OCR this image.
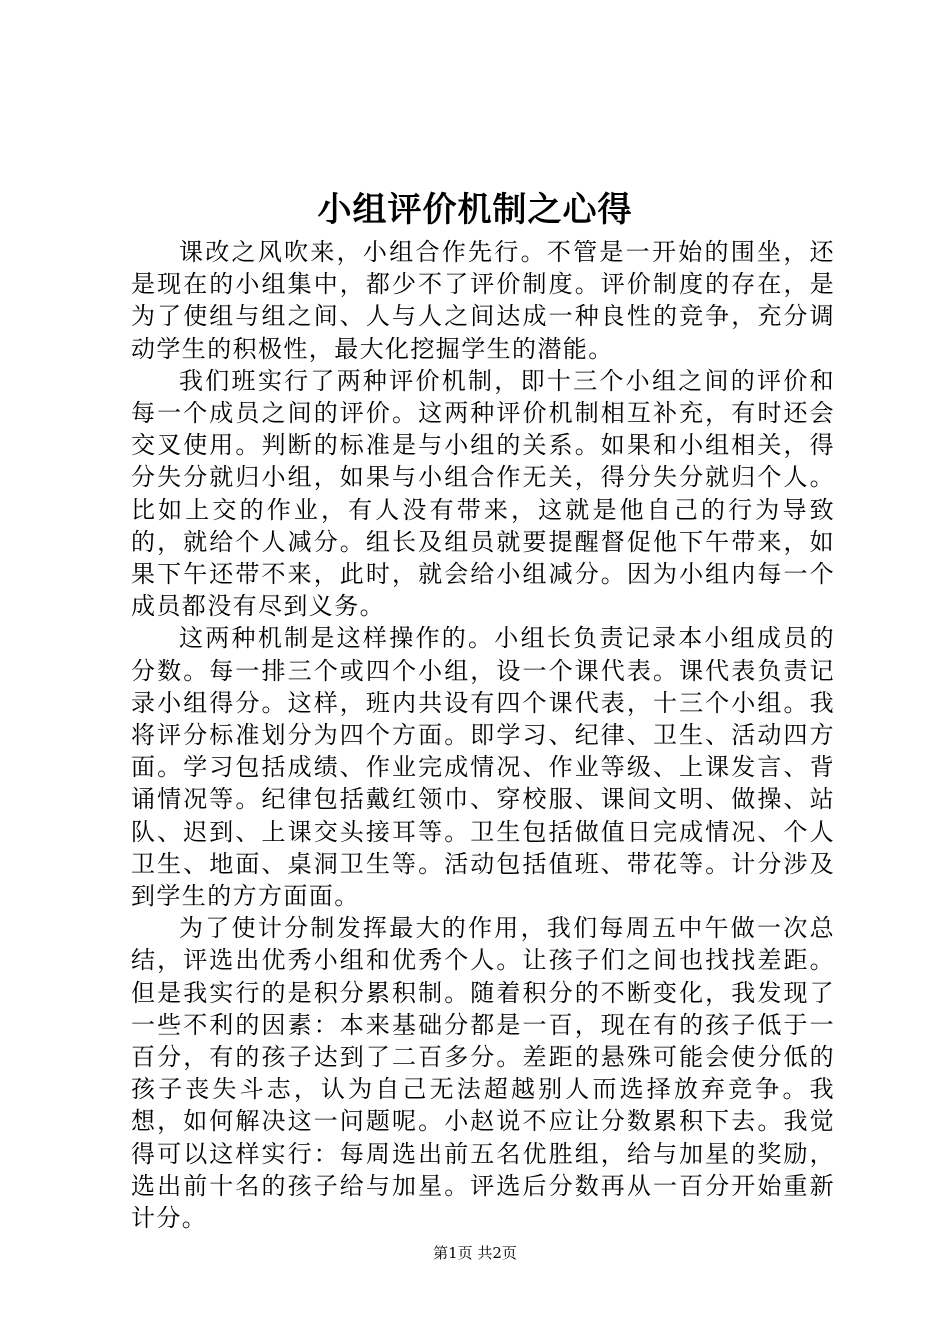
小组评价机制之心得

课改之风吹来，小组合作先行。不管是一开始的围坐，还是现在的小组集中，都少不了评价制度。评价制度的存在，是为了使组与组之间、人与人之间达成一种良性的竞争，充分调动学生的积极性，最大化挖掘学生的潜能。

我们班实行了两种评价机制，即十三个小组之间的评价和每一个成员之间的评价。这两种评价机制相互补充，有时还会交叉使用。判断的标准是与小组的关系。如果和小组相关，得分失分就归小组，如果与小组合作无关，得分失分就归个人。比如上交的作业，有人没有带来，这就是他自己的行为导致的，就给个人减分。组长及组员就要提醒督促他下午带来，如果下午还带不来，此时，就会给小组减分。因为小组内每一个成员都没有尽到义务。

这两种机制是这样操作的。小组长负责记录本小组成员的分数。每一排三个或四个小组，设一个课代表。课代表负责记录小组得分。这样，班内共设有四个课代表，十三个小组。我将评分标准划分为四个方面。即学习、纪律、卫生、活动四方面。学习包括成绩、作业完成情况、作业等级、上课发言、背诵情况等。纪律包括戴红领巾、穿校服、课间文明、做操、站队、迟到、上课交头接耳等。卫生包括做值日完成情况、个人卫生、地面、桌洞卫生等。活动包括值班、带花等。计分涉及到学生的方方面面。

为了使计分制发挥最大的作用，我们每周五中午做一次总结，评选出优秀小组和优秀个人。让孩子们之间也找找差距。但是我实行的是积分累积制。随着积分的不断变化，我发现了一些不利的因素：本来基础分都是一百，现在有的孩子低于一百分，有的孩子达到了二百多分。差距的悬殊可能会使分低的孩子丧失斗志，认为自己无法超越别人而选择放弃竞争。我想，如何解决这一问题呢。小赵说不应让分数累积下去。我觉得可以这样实行：每周选出前五名优胜组，给与加星的奖励，选出前十名的孩子给与加星。评选后分数再从一百分开始重新计分。

第1页 共2页
